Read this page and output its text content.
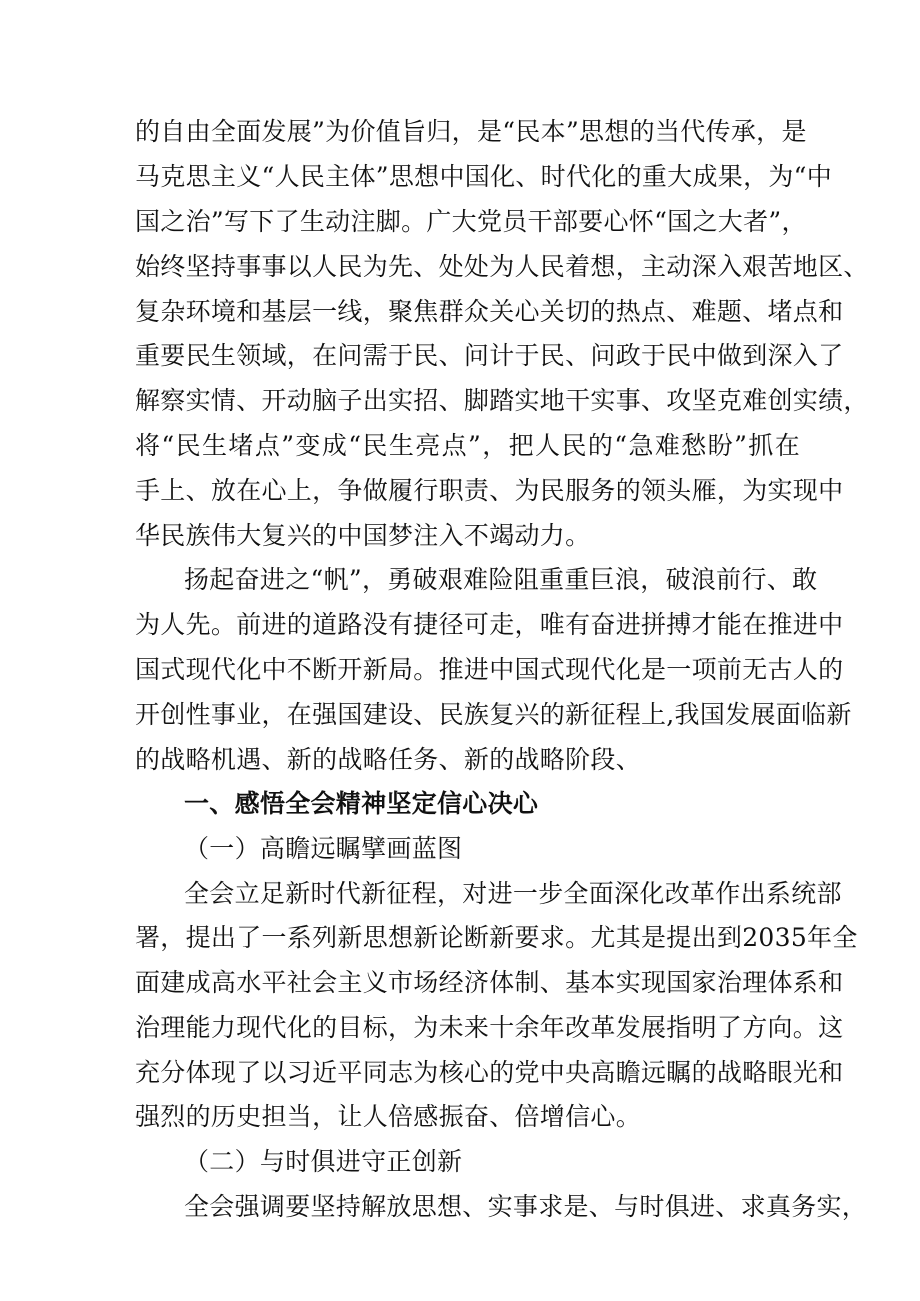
的自由全面发展”为价值旨归，是“民本”思想的当代传承，是
马克思主义“人民主体”思想中国化、时代化的重大成果，为“中
国之治”写下了生动注脚。广大党员干部要心怀“国之大者”，
始终坚持事事以人民为先、处处为人民着想，主动深入艰苦地区、
复杂环境和基层一线，聚焦群众关心关切的热点、难题、堵点和
重要民生领域，在问需于民、问计于民、问政于民中做到深入了
解察实情、开动脑子出实招、脚踏实地干实事、攻坚克难创实绩，
将“民生堵点”变成“民生亮点”，把人民的“急难愁盼”抓在
手上、放在心上，争做履行职责、为民服务的领头雁，为实现中
华民族伟大复兴的中国梦注入不竭动力。
扬起奋进之“帆”，勇破艰难险阻重重巨浪，破浪前行、敢
为人先。前进的道路没有捷径可走，唯有奋进拼搏才能在推进中
国式现代化中不断开新局。推进中国式现代化是一项前无古人的
开创性事业，在强国建设、民族复兴的新征程上,我国发展面临新
的战略机遇、新的战略任务、新的战略阶段、
一、感悟全会精神坚定信心决心
（一）高瞻远瞩擘画蓝图
全会立足新时代新征程，对进一步全面深化改革作出系统部
署，提出了一系列新思想新论断新要求。尤其是提出到2035年全
面建成高水平社会主义市场经济体制、基本实现国家治理体系和
治理能力现代化的目标，为未来十余年改革发展指明了方向。这
充分体现了以习近平同志为核心的党中央高瞻远瞩的战略眼光和
强烈的历史担当，让人倍感振奋、倍增信心。
（二）与时俱进守正创新
全会强调要坚持解放思想、实事求是、与时俱进、求真务实，
